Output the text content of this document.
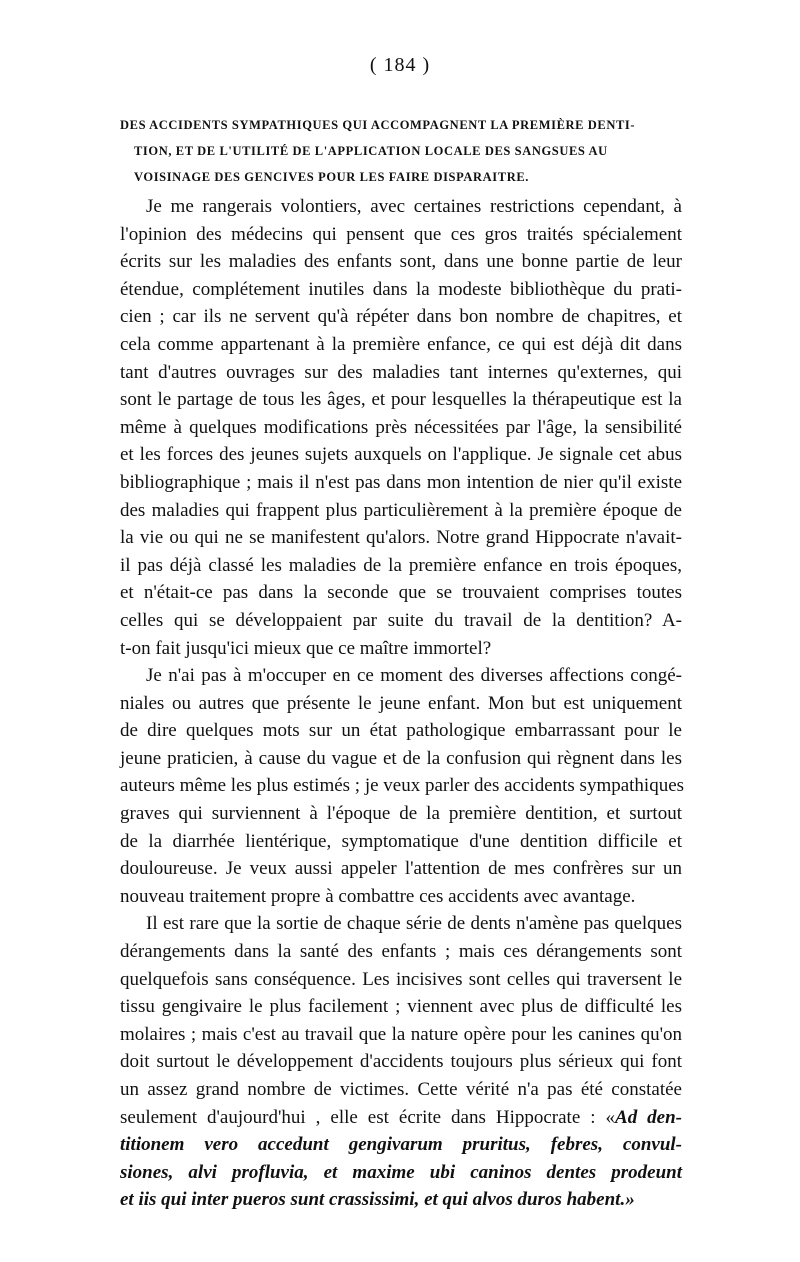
( 184 )
DES ACCIDENTS SYMPATHIQUES QUI ACCOMPAGNENT LA PREMIÈRE DENTI-
TION, ET DE L'UTILITÉ DE L'APPLICATION LOCALE DES SANGSUES AU
VOISINAGE DES GENCIVES POUR LES FAIRE DISPARAITRE.

Je me rangerais volontiers, avec certaines restrictions cependant, à
l'opinion des médecins qui pensent que ces gros traités spécialement
écrits sur les maladies des enfants sont, dans une bonne partie de leur
étendue, complétement inutiles dans la modeste bibliothèque du prati-
cien ; car ils ne servent qu'à répéter dans bon nombre de chapitres, et
cela comme appartenant à la première enfance, ce qui est déjà dit dans
tant d'autres ouvrages sur des maladies tant internes qu'externes, qui
sont le partage de tous les âges, et pour lesquelles la thérapeutique est la
même à quelques modifications près nécessitées par l'âge, la sensibilité
et les forces des jeunes sujets auxquels on l'applique. Je signale cet abus
bibliographique ; mais il n'est pas dans mon intention de nier qu'il existe
des maladies qui frappent plus particulièrement à la première époque de
la vie ou qui ne se manifestent qu'alors. Notre grand Hippocrate n'avait-
il pas déjà classé les maladies de la première enfance en trois époques,
et n'était-ce pas dans la seconde que se trouvaient comprises toutes
celles qui se développaient par suite du travail de la dentition? A-
t-on fait jusqu'ici mieux que ce maître immortel?

Je n'ai pas à m'occuper en ce moment des diverses affections congé-
niales ou autres que présente le jeune enfant. Mon but est uniquement
de dire quelques mots sur un état pathologique embarrassant pour le
jeune praticien, à cause du vague et de la confusion qui règnent dans les
auteurs même les plus estimés ; je veux parler des accidents sympathiques
graves qui surviennent à l'époque de la première dentition, et surtout
de la diarrhée lientérique, symptomatique d'une dentition difficile et
douloureuse. Je veux aussi appeler l'attention de mes confrères sur un
nouveau traitement propre à combattre ces accidents avec avantage.

Il est rare que la sortie de chaque série de dents n'amène pas quelques
dérangements dans la santé des enfants ; mais ces dérangements sont
quelquefois sans conséquence. Les incisives sont celles qui traversent le
tissu gengivaire le plus facilement ; viennent avec plus de difficulté les
molaires ; mais c'est au travail que la nature opère pour les canines qu'on
doit surtout le développement d'accidents toujours plus sérieux qui font
un assez grand nombre de victimes. Cette vérité n'a pas été constatée
seulement d'aujourd'hui , elle est écrite dans Hippocrate : «Ad den-
titionem vero accedunt gengivarum pruritus, febres, convul-
siones, alvi profluvia, et maxime ubi caninos dentes prodeunt
et iis qui inter pueros sunt crassissimi, et qui alvos duros habent.»
